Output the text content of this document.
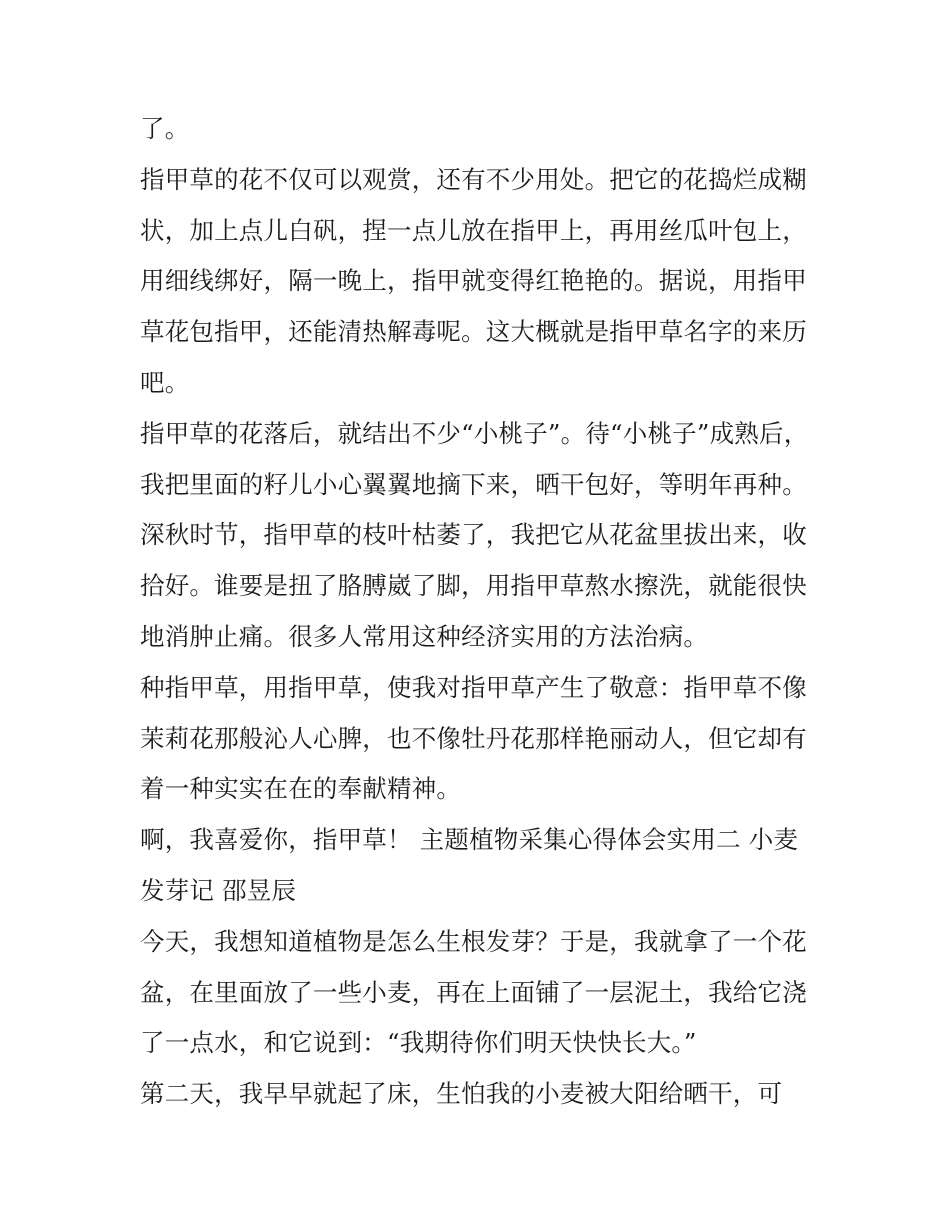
了。
指甲草的花不仅可以观赏，还有不少用处。把它的花捣烂成糊
状，加上点儿白矾，捏一点儿放在指甲上，再用丝瓜叶包上，
用细线绑好，隔一晚上，指甲就变得红艳艳的。据说，用指甲
草花包指甲，还能清热解毒呢。这大概就是指甲草名字的来历
吧。
指甲草的花落后，就结出不少“小桃子”。待“小桃子”成熟后，
我把里面的籽儿小心翼翼地摘下来，晒干包好，等明年再种。
深秋时节，指甲草的枝叶枯萎了，我把它从花盆里拔出来，收
拾好。谁要是扭了胳膊崴了脚，用指甲草熬水擦洗，就能很快
地消肿止痛。很多人常用这种经济实用的方法治病。
种指甲草，用指甲草，使我对指甲草产生了敬意：指甲草不像
茉莉花那般沁人心脾，也不像牡丹花那样艳丽动人，但它却有
着一种实实在在的奉献精神。
啊，我喜爱你，指甲草！ 主题植物采集心得体会实用二 小麦
发芽记 邵昱辰
今天，我想知道植物是怎么生根发芽？于是，我就拿了一个花
盆，在里面放了一些小麦，再在上面铺了一层泥土，我给它浇
了一点水，和它说到：“我期待你们明天快快长大。”
第二天，我早早就起了床，生怕我的小麦被大阳给晒干，可
